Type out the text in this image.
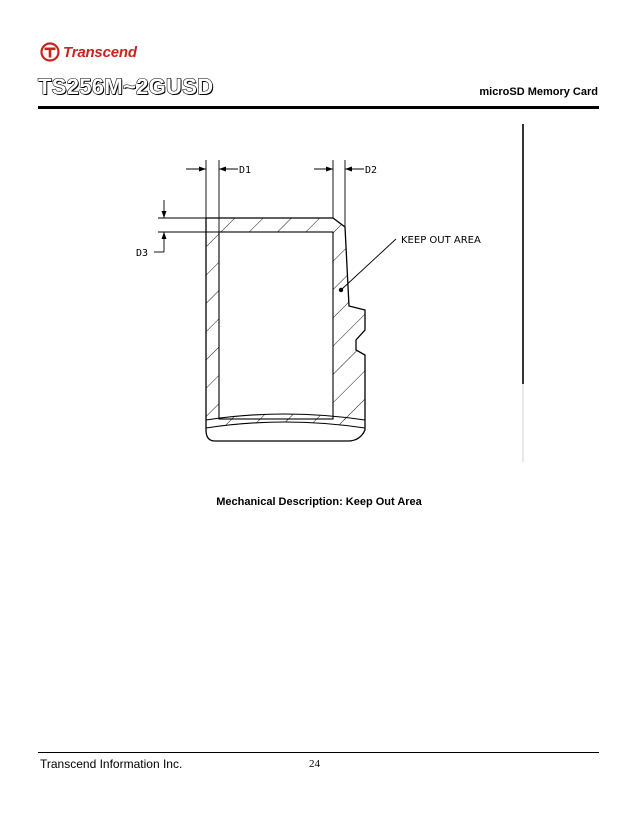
Transcend
TS256M~2GUSD	microSD Memory Card
D1	D2
D3
KEEP OUT AREA
Mechanical Description: Keep Out Area
Transcend Information Inc.	24
